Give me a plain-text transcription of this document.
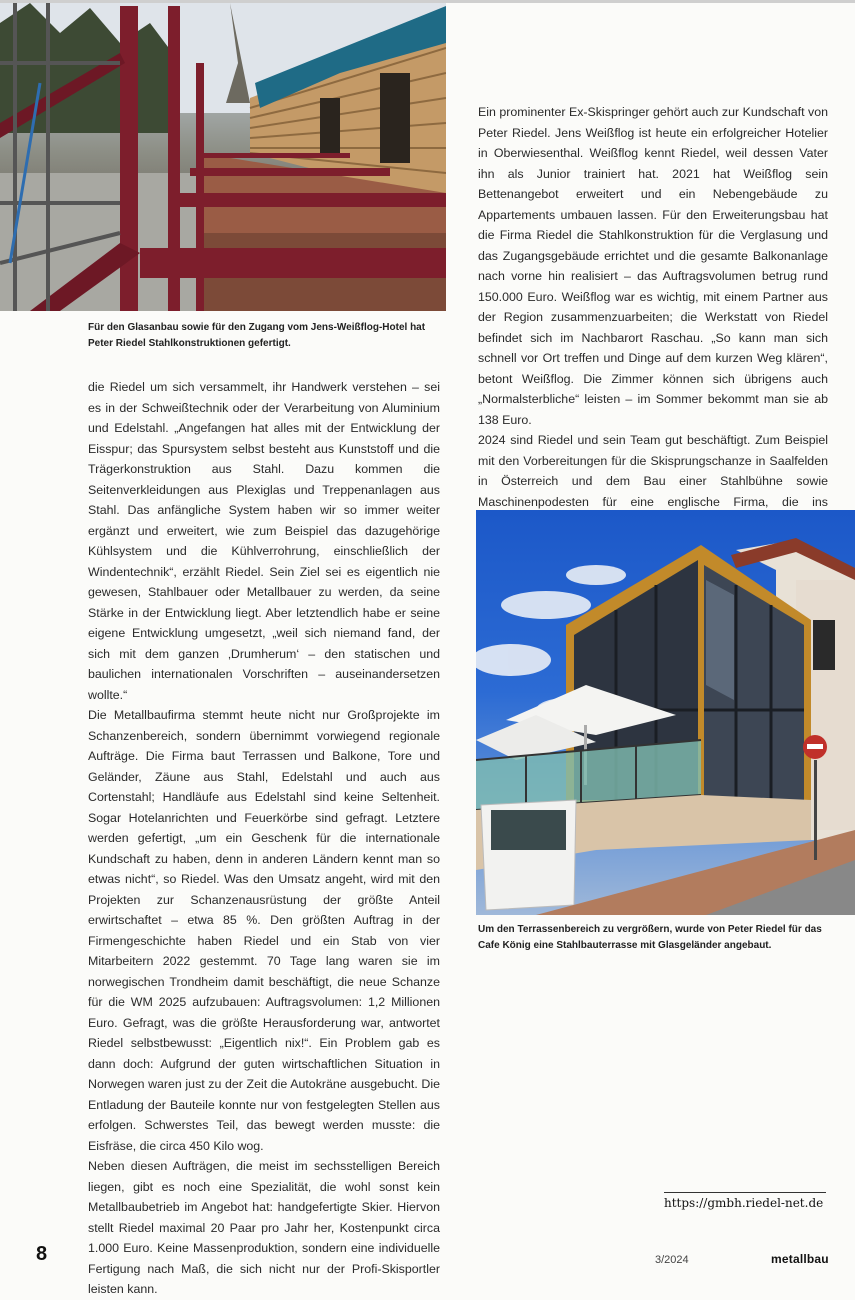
Für den Glasanbau sowie für den Zugang vom Jens-Weißflog-Hotel hat Peter Riedel Stahlkonstruktionen gefertigt.

die Riedel um sich versammelt, ihr Handwerk verstehen – sei es in der Schweißtechnik oder der Verarbeitung von Aluminium und Edelstahl. „Angefangen hat alles mit der Entwicklung der Eisspur; das Spursystem selbst besteht aus Kunststoff und die Trägerkonstruktion aus Stahl. Dazu kommen die Seitenverkleidungen aus Plexiglas und Treppenanlagen aus Stahl. Das anfängliche System haben wir so immer weiter ergänzt und erweitert, wie zum Beispiel das dazugehörige Kühlsystem und die Kühlverrohrung, einschließlich der Windentechnik“, erzählt Riedel. Sein Ziel sei es eigentlich nie gewesen, Stahlbauer oder Metallbauer zu werden, da seine Stärke in der Entwicklung liegt. Aber letztendlich habe er seine eigene Entwicklung umgesetzt, „weil sich niemand fand, der sich mit dem ganzen ‚Drumherum‘ – den statischen und baulichen internationalen Vorschriften – auseinandersetzen wollte.“

Die Metallbaufirma stemmt heute nicht nur Großprojekte im Schanzenbereich, sondern übernimmt vorwiegend regionale Aufträge. Die Firma baut Terrassen und Balkone, Tore und Geländer, Zäune aus Stahl, Edelstahl und auch aus Cortenstahl; Handläufe aus Edelstahl sind keine Seltenheit. Sogar Hotelanrichten und Feuerkörbe sind gefragt. Letztere werden gefertigt, „um ein Geschenk für die internationale Kundschaft zu haben, denn in anderen Ländern kennt man so etwas nicht“, so Riedel. Was den Umsatz angeht, wird mit den Projekten zur Schanzenausrüstung der größte Anteil erwirtschaftet – etwa 85 %. Den größten Auftrag in der Firmengeschichte haben Riedel und ein Stab von vier Mitarbeitern 2022 gestemmt. 70 Tage lang waren sie im norwegischen Trondheim damit beschäftigt, die neue Schanze für die WM 2025 aufzubauen: Auftragsvolumen: 1,2 Millionen Euro. Gefragt, was die größte Herausforderung war, antwortet Riedel selbstbewusst: „Eigentlich nix!“. Ein Problem gab es dann doch: Aufgrund der guten wirtschaftlichen Situation in Norwegen waren just zu der Zeit die Autokräne ausgebucht. Die Entladung der Bauteile konnte nur von festgelegten Stellen aus erfolgen. Schwerstes Teil, das bewegt werden musste: die Eisfräse, die circa 450 Kilo wog.

Neben diesen Aufträgen, die meist im sechsstelligen Bereich liegen, gibt es noch eine Spezialität, die wohl sonst kein Metallbaubetrieb im Angebot hat: handgefertigte Skier. Hiervon stellt Riedel maximal 20 Paar pro Jahr her, Kostenpunkt circa 1.000 Euro. Keine Massenproduktion, sondern eine individuelle Fertigung nach Maß, die sich nicht nur der Profi-Skisportler leisten kann.

Ein prominenter Ex-Skispringer gehört auch zur Kundschaft von Peter Riedel. Jens Weißflog ist heute ein erfolgreicher Hotelier in Oberwiesenthal. Weißflog kennt Riedel, weil dessen Vater ihn als Junior trainiert hat. 2021 hat Weißflog sein Bettenangebot erweitert und ein Nebengebäude zu Appartements umbauen lassen. Für den Erweiterungsbau hat die Firma Riedel die Stahlkonstruktion für die Verglasung und das Zugangsgebäude errichtet und die gesamte Balkonanlage nach vorne hin realisiert – das Auftragsvolumen betrug rund 150.000 Euro. Weißflog war es wichtig, mit einem Partner aus der Region zusammenzuarbeiten; die Werkstatt von Riedel befindet sich im Nachbarort Raschau. „So kann man sich schnell vor Ort treffen und Dinge auf dem kurzen Weg klären“, betont Weißflog. Die Zimmer können sich übrigens auch „Normalsterbliche“ leisten – im Sommer bekommt man sie ab 138 Euro.

2024 sind Riedel und sein Team gut beschäftigt. Zum Beispiel mit den Vorbereitungen für die Skisprungschanze in Saalfelden in Österreich und dem Bau einer Stahlbühne sowie Maschinenpodesten für eine englische Firma, die ins

Um den Terrassenbereich zu vergrößern, wurde von Peter Riedel für das Cafe König eine Stahlbauterrasse mit Glasgeländer angebaut.
https://gmbh.riedel-net.de
8	3/2024	metallbau
